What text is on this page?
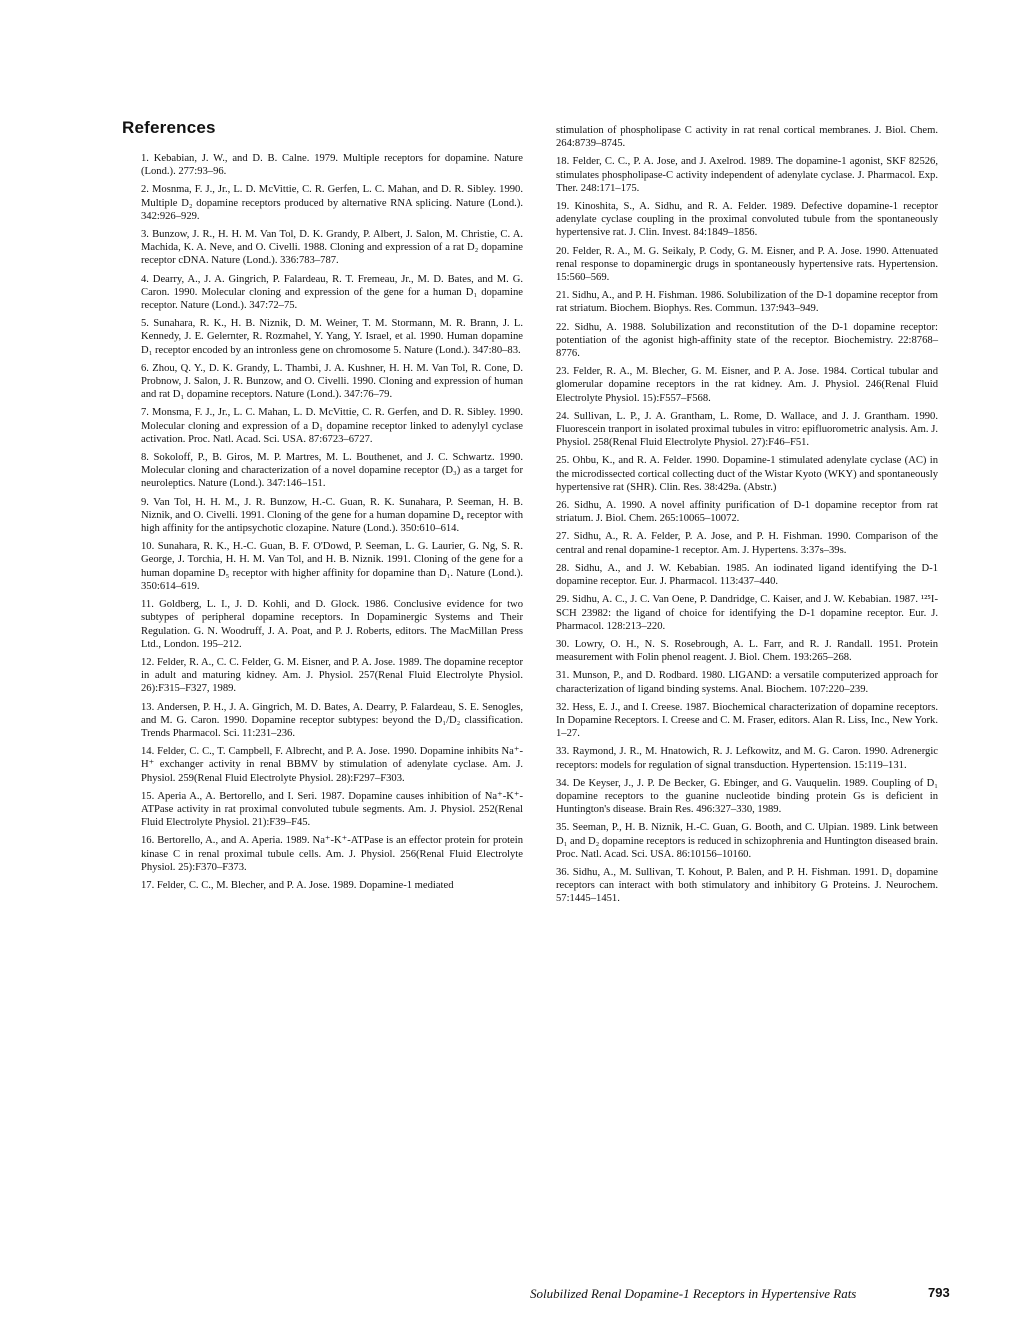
References

1. Kebabian, J. W., and D. B. Calne. 1979. Multiple receptors for dopamine. Nature (Lond.). 277:93–96.

2. Mosnma, F. J., Jr., L. D. McVittie, C. R. Gerfen, L. C. Mahan, and D. R. Sibley. 1990. Multiple D₂ dopamine receptors produced by alternative RNA splicing. Nature (Lond.). 342:926–929.

3. Bunzow, J. R., H. H. M. Van Tol, D. K. Grandy, P. Albert, J. Salon, M. Christie, C. A. Machida, K. A. Neve, and O. Civelli. 1988. Cloning and expression of a rat D₂ dopamine receptor cDNA. Nature (Lond.). 336:783–787.

4. Dearry, A., J. A. Gingrich, P. Falardeau, R. T. Fremeau, Jr., M. D. Bates, and M. G. Caron. 1990. Molecular cloning and expression of the gene for a human D₁ dopamine receptor. Nature (Lond.). 347:72–75.

5. Sunahara, R. K., H. B. Niznik, D. M. Weiner, T. M. Stormann, M. R. Brann, J. L. Kennedy, J. E. Gelernter, R. Rozmahel, Y. Yang, Y. Israel, et al. 1990. Human dopamine D₁ receptor encoded by an intronless gene on chromosome 5. Nature (Lond.). 347:80–83.

6. Zhou, Q. Y., D. K. Grandy, L. Thambi, J. A. Kushner, H. H. M. Van Tol, R. Cone, D. Probnow, J. Salon, J. R. Bunzow, and O. Civelli. 1990. Cloning and expression of human and rat D₁ dopamine receptors. Nature (Lond.). 347:76–79.

7. Monsma, F. J., Jr., L. C. Mahan, L. D. McVittie, C. R. Gerfen, and D. R. Sibley. 1990. Molecular cloning and expression of a D₁ dopamine receptor linked to adenylyl cyclase activation. Proc. Natl. Acad. Sci. USA. 87:6723–6727.

8. Sokoloff, P., B. Giros, M. P. Martres, M. L. Bouthenet, and J. C. Schwartz. 1990. Molecular cloning and characterization of a novel dopamine receptor (D₃) as a target for neuroleptics. Nature (Lond.). 347:146–151.

9. Van Tol, H. H. M., J. R. Bunzow, H.-C. Guan, R. K. Sunahara, P. Seeman, H. B. Niznik, and O. Civelli. 1991. Cloning of the gene for a human dopamine D₄ receptor with high affinity for the antipsychotic clozapine. Nature (Lond.). 350:610–614.

10. Sunahara, R. K., H.-C. Guan, B. F. O'Dowd, P. Seeman, L. G. Laurier, G. Ng, S. R. George, J. Torchia, H. H. M. Van Tol, and H. B. Niznik. 1991. Cloning of the gene for a human dopamine D₅ receptor with higher affinity for dopamine than D₁. Nature (Lond.). 350:614–619.

11. Goldberg, L. I., J. D. Kohli, and D. Glock. 1986. Conclusive evidence for two subtypes of peripheral dopamine receptors. In Dopaminergic Systems and Their Regulation. G. N. Woodruff, J. A. Poat, and P. J. Roberts, editors. The MacMillan Press Ltd., London. 195–212.

12. Felder, R. A., C. C. Felder, G. M. Eisner, and P. A. Jose. 1989. The dopamine receptor in adult and maturing kidney. Am. J. Physiol. 257(Renal Fluid Electrolyte Physiol. 26):F315–F327, 1989.

13. Andersen, P. H., J. A. Gingrich, M. D. Bates, A. Dearry, P. Falardeau, S. E. Senogles, and M. G. Caron. 1990. Dopamine receptor subtypes: beyond the D₁/D₂ classification. Trends Pharmacol. Sci. 11:231–236.

14. Felder, C. C., T. Campbell, F. Albrecht, and P. A. Jose. 1990. Dopamine inhibits Na⁺-H⁺ exchanger activity in renal BBMV by stimulation of adenylate cyclase. Am. J. Physiol. 259(Renal Fluid Electrolyte Physiol. 28):F297–F303.

15. Aperia A., A. Bertorello, and I. Seri. 1987. Dopamine causes inhibition of Na⁺-K⁺-ATPase activity in rat proximal convoluted tubule segments. Am. J. Physiol. 252(Renal Fluid Electrolyte Physiol. 21):F39–F45.

16. Bertorello, A., and A. Aperia. 1989. Na⁺-K⁺-ATPase is an effector protein for protein kinase C in renal proximal tubule cells. Am. J. Physiol. 256(Renal Fluid Electrolyte Physiol. 25):F370–F373.

17. Felder, C. C., M. Blecher, and P. A. Jose. 1989. Dopamine-1 mediated

stimulation of phospholipase C activity in rat renal cortical membranes. J. Biol. Chem. 264:8739–8745.

18. Felder, C. C., P. A. Jose, and J. Axelrod. 1989. The dopamine-1 agonist, SKF 82526, stimulates phospholipase-C activity independent of adenylate cyclase. J. Pharmacol. Exp. Ther. 248:171–175.

19. Kinoshita, S., A. Sidhu, and R. A. Felder. 1989. Defective dopamine-1 receptor adenylate cyclase coupling in the proximal convoluted tubule from the spontaneously hypertensive rat. J. Clin. Invest. 84:1849–1856.

20. Felder, R. A., M. G. Seikaly, P. Cody, G. M. Eisner, and P. A. Jose. 1990. Attenuated renal response to dopaminergic drugs in spontaneously hypertensive rats. Hypertension. 15:560–569.

21. Sidhu, A., and P. H. Fishman. 1986. Solubilization of the D-1 dopamine receptor from rat striatum. Biochem. Biophys. Res. Commun. 137:943–949.

22. Sidhu, A. 1988. Solubilization and reconstitution of the D-1 dopamine receptor: potentiation of the agonist high-affinity state of the receptor. Biochemistry. 22:8768–8776.

23. Felder, R. A., M. Blecher, G. M. Eisner, and P. A. Jose. 1984. Cortical tubular and glomerular dopamine receptors in the rat kidney. Am. J. Physiol. 246(Renal Fluid Electrolyte Physiol. 15):F557–F568.

24. Sullivan, L. P., J. A. Grantham, L. Rome, D. Wallace, and J. J. Grantham. 1990. Fluorescein tranport in isolated proximal tubules in vitro: epifluorometric analysis. Am. J. Physiol. 258(Renal Fluid Electrolyte Physiol. 27):F46–F51.

25. Ohbu, K., and R. A. Felder. 1990. Dopamine-1 stimulated adenylate cyclase (AC) in the microdissected cortical collecting duct of the Wistar Kyoto (WKY) and spontaneously hypertensive rat (SHR). Clin. Res. 38:429a. (Abstr.)

26. Sidhu, A. 1990. A novel affinity purification of D-1 dopamine receptor from rat striatum. J. Biol. Chem. 265:10065–10072.

27. Sidhu, A., R. A. Felder, P. A. Jose, and P. H. Fishman. 1990. Comparison of the central and renal dopamine-1 receptor. Am. J. Hypertens. 3:37s–39s.

28. Sidhu, A., and J. W. Kebabian. 1985. An iodinated ligand identifying the D-1 dopamine receptor. Eur. J. Pharmacol. 113:437–440.

29. Sidhu, A. C., J. C. Van Oene, P. Dandridge, C. Kaiser, and J. W. Kebabian. 1987. ¹²⁵I-SCH 23982: the ligand of choice for identifying the D-1 dopamine receptor. Eur. J. Pharmacol. 128:213–220.

30. Lowry, O. H., N. S. Rosebrough, A. L. Farr, and R. J. Randall. 1951. Protein measurement with Folin phenol reagent. J. Biol. Chem. 193:265–268.

31. Munson, P., and D. Rodbard. 1980. LIGAND: a versatile computerized approach for characterization of ligand binding systems. Anal. Biochem. 107:220–239.

32. Hess, E. J., and I. Creese. 1987. Biochemical characterization of dopamine receptors. In Dopamine Receptors. I. Creese and C. M. Fraser, editors. Alan R. Liss, Inc., New York. 1–27.

33. Raymond, J. R., M. Hnatowich, R. J. Lefkowitz, and M. G. Caron. 1990. Adrenergic receptors: models for regulation of signal transduction. Hypertension. 15:119–131.

34. De Keyser, J., J. P. De Becker, G. Ebinger, and G. Vauquelin. 1989. Coupling of D₁ dopamine receptors to the guanine nucleotide binding protein Gs is deficient in Huntington's disease. Brain Res. 496:327–330, 1989.

35. Seeman, P., H. B. Niznik, H.-C. Guan, G. Booth, and C. Ulpian. 1989. Link between D₁ and D₂ dopamine receptors is reduced in schizophrenia and Huntington diseased brain. Proc. Natl. Acad. Sci. USA. 86:10156–10160.

36. Sidhu, A., M. Sullivan, T. Kohout, P. Balen, and P. H. Fishman. 1991. D₁ dopamine receptors can interact with both stimulatory and inhibitory G Proteins. J. Neurochem. 57:1445–1451.

Solubilized Renal Dopamine-1 Receptors in Hypertensive Rats	793
